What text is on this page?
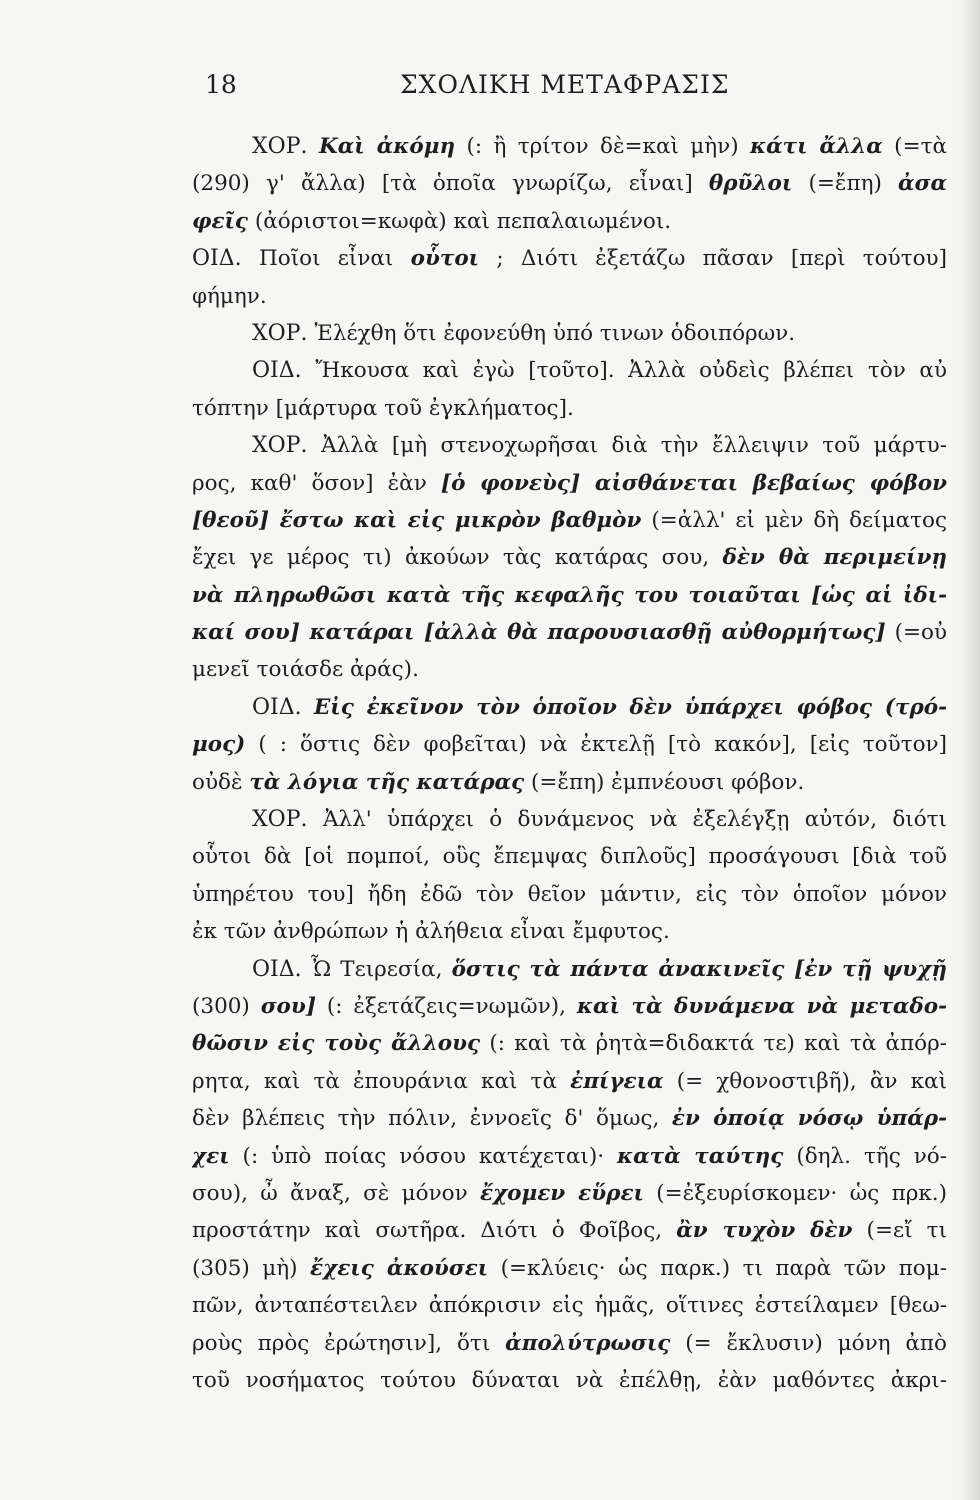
18	ΣΧΟΛΙΚΗ ΜΕΤΑΦΡΑΣΙΣ
ΧΟΡ. Καὶ ἀκόμη (: ἢ τρίτον δὲ=καὶ μὴν) κάτι ἄλλα (=τὰ
(290) γ' ἄλλα) [τὰ ὁποῖα γνωρίζω, εἶναι] θρῦλοι (=ἔπη) ἀσα
φεῖς (ἀόριστοι=κωφὰ) καὶ πεπαλαιωμένοι.
ΟΙΔ. Ποῖοι εἶναι οὗτοι ; Διότι ἐξετάζω πᾶσαν [περὶ τούτου]
φήμην.
ΧΟΡ. Ἐλέχθη ὅτι ἐφονεύθη ὑπό τινων ὁδοιπόρων.
ΟΙΔ. Ἤκουσα καὶ ἐγὼ [τοῦτο]. Ἀλλὰ οὐδεὶς βλέπει τὸν αὐ
τόπτην [μάρτυρα τοῦ ἐγκλήματος].
ΧΟΡ. Ἀλλὰ [μὴ στενοχωρῆσαι διὰ τὴν ἔλλειψιν τοῦ μάρτυ-
ρος, καθ' ὅσον] ἐὰν [ὁ φονεὺς] αἰσθάνεται βεβαίως φόβον
[θεοῦ] ἔστω καὶ εἰς μικρὸν βαθμὸν (=ἀλλ' εἰ μὲν δὴ δείματος
ἔχει γε μέρος τι) ἀκούων τὰς κατάρας σου, δὲν θὰ περιμείνῃ
νὰ πληρωθῶσι κατὰ τῆς κεφαλῆς του τοιαῦται [ὡς αἱ ἰδι-
καί σου] κατάραι [ἀλλὰ θὰ παρουσιασθῇ αὐθορμήτως] (=οὐ
μενεῖ τοιάσδε ἀράς).
ΟΙΔ. Εἰς ἐκεῖνον τὸν ὁποῖον δὲν ὑπάρχει φόβος (τρό-
μος) ( : ὅστις δὲν φοβεῖται) νὰ ἐκτελῇ [τὸ κακόν], [εἰς τοῦτον]
οὐδὲ τὰ λόγια τῆς κατάρας (=ἔπη) ἐμπνέουσι φόβον.
ΧΟΡ. Ἀλλ' ὑπάρχει ὁ δυνάμενος νὰ ἐξελέγξῃ αὐτόν, διότι
οὗτοι δὰ [οἱ πομποί, οὓς ἔπεμψας διπλοῦς] προσάγουσι [διὰ τοῦ
ὑπηρέτου του] ἤδη ἐδῶ τὸν θεῖον μάντιν, εἰς τὸν ὁποῖον μόνον
ἐκ τῶν ἀνθρώπων ἡ ἀλήθεια εἶναι ἔμφυτος.
ΟΙΔ. Ὦ Τειρεσία, ὅστις τὰ πάντα ἀνακινεῖς [ἐν τῇ ψυχῇ
(300) σου] (: ἐξετάζεις=νωμῶν), καὶ τὰ δυνάμενα νὰ μεταδο-
θῶσιν εἰς τοὺς ἄλλους (: καὶ τὰ ῥητὰ=διδακτά τε) καὶ τὰ ἀπόρ-
ρητα, καὶ τὰ ἐπουράνια καὶ τὰ ἐπίγεια (= χθονοστιβῆ), ἂν καὶ
δὲν βλέπεις τὴν πόλιν, ἐννοεῖς δ' ὅμως, ἐν ὁποίᾳ νόσῳ ὑπάρ-
χει (: ὑπὸ ποίας νόσου κατέχεται)· κατὰ ταύτης (δηλ. τῆς νό-
σου), ὦ ἄναξ, σὲ μόνον ἔχομεν εὕρει (=ἐξευρίσκομεν· ὡς πρκ.)
προστάτην καὶ σωτῆρα. Διότι ὁ Φοῖβος, ἂν τυχὸν δὲν (=εἴ τι
(305) μὴ) ἔχεις ἀκούσει (=κλύεις· ὡς παρκ.) τι παρὰ τῶν πομ-
πῶν, ἀνταπέστειλεν ἀπόκρισιν εἰς ἡμᾶς, οἵτινες ἐστείλαμεν [θεω-
ροὺς πρὸς ἐρώτησιν], ὅτι ἀπολύτρωσις (= ἔκλυσιν) μόνη ἀπὸ
τοῦ νοσήματος τούτου δύναται νὰ ἐπέλθῃ, ἐὰν μαθόντες ἀκρι-
